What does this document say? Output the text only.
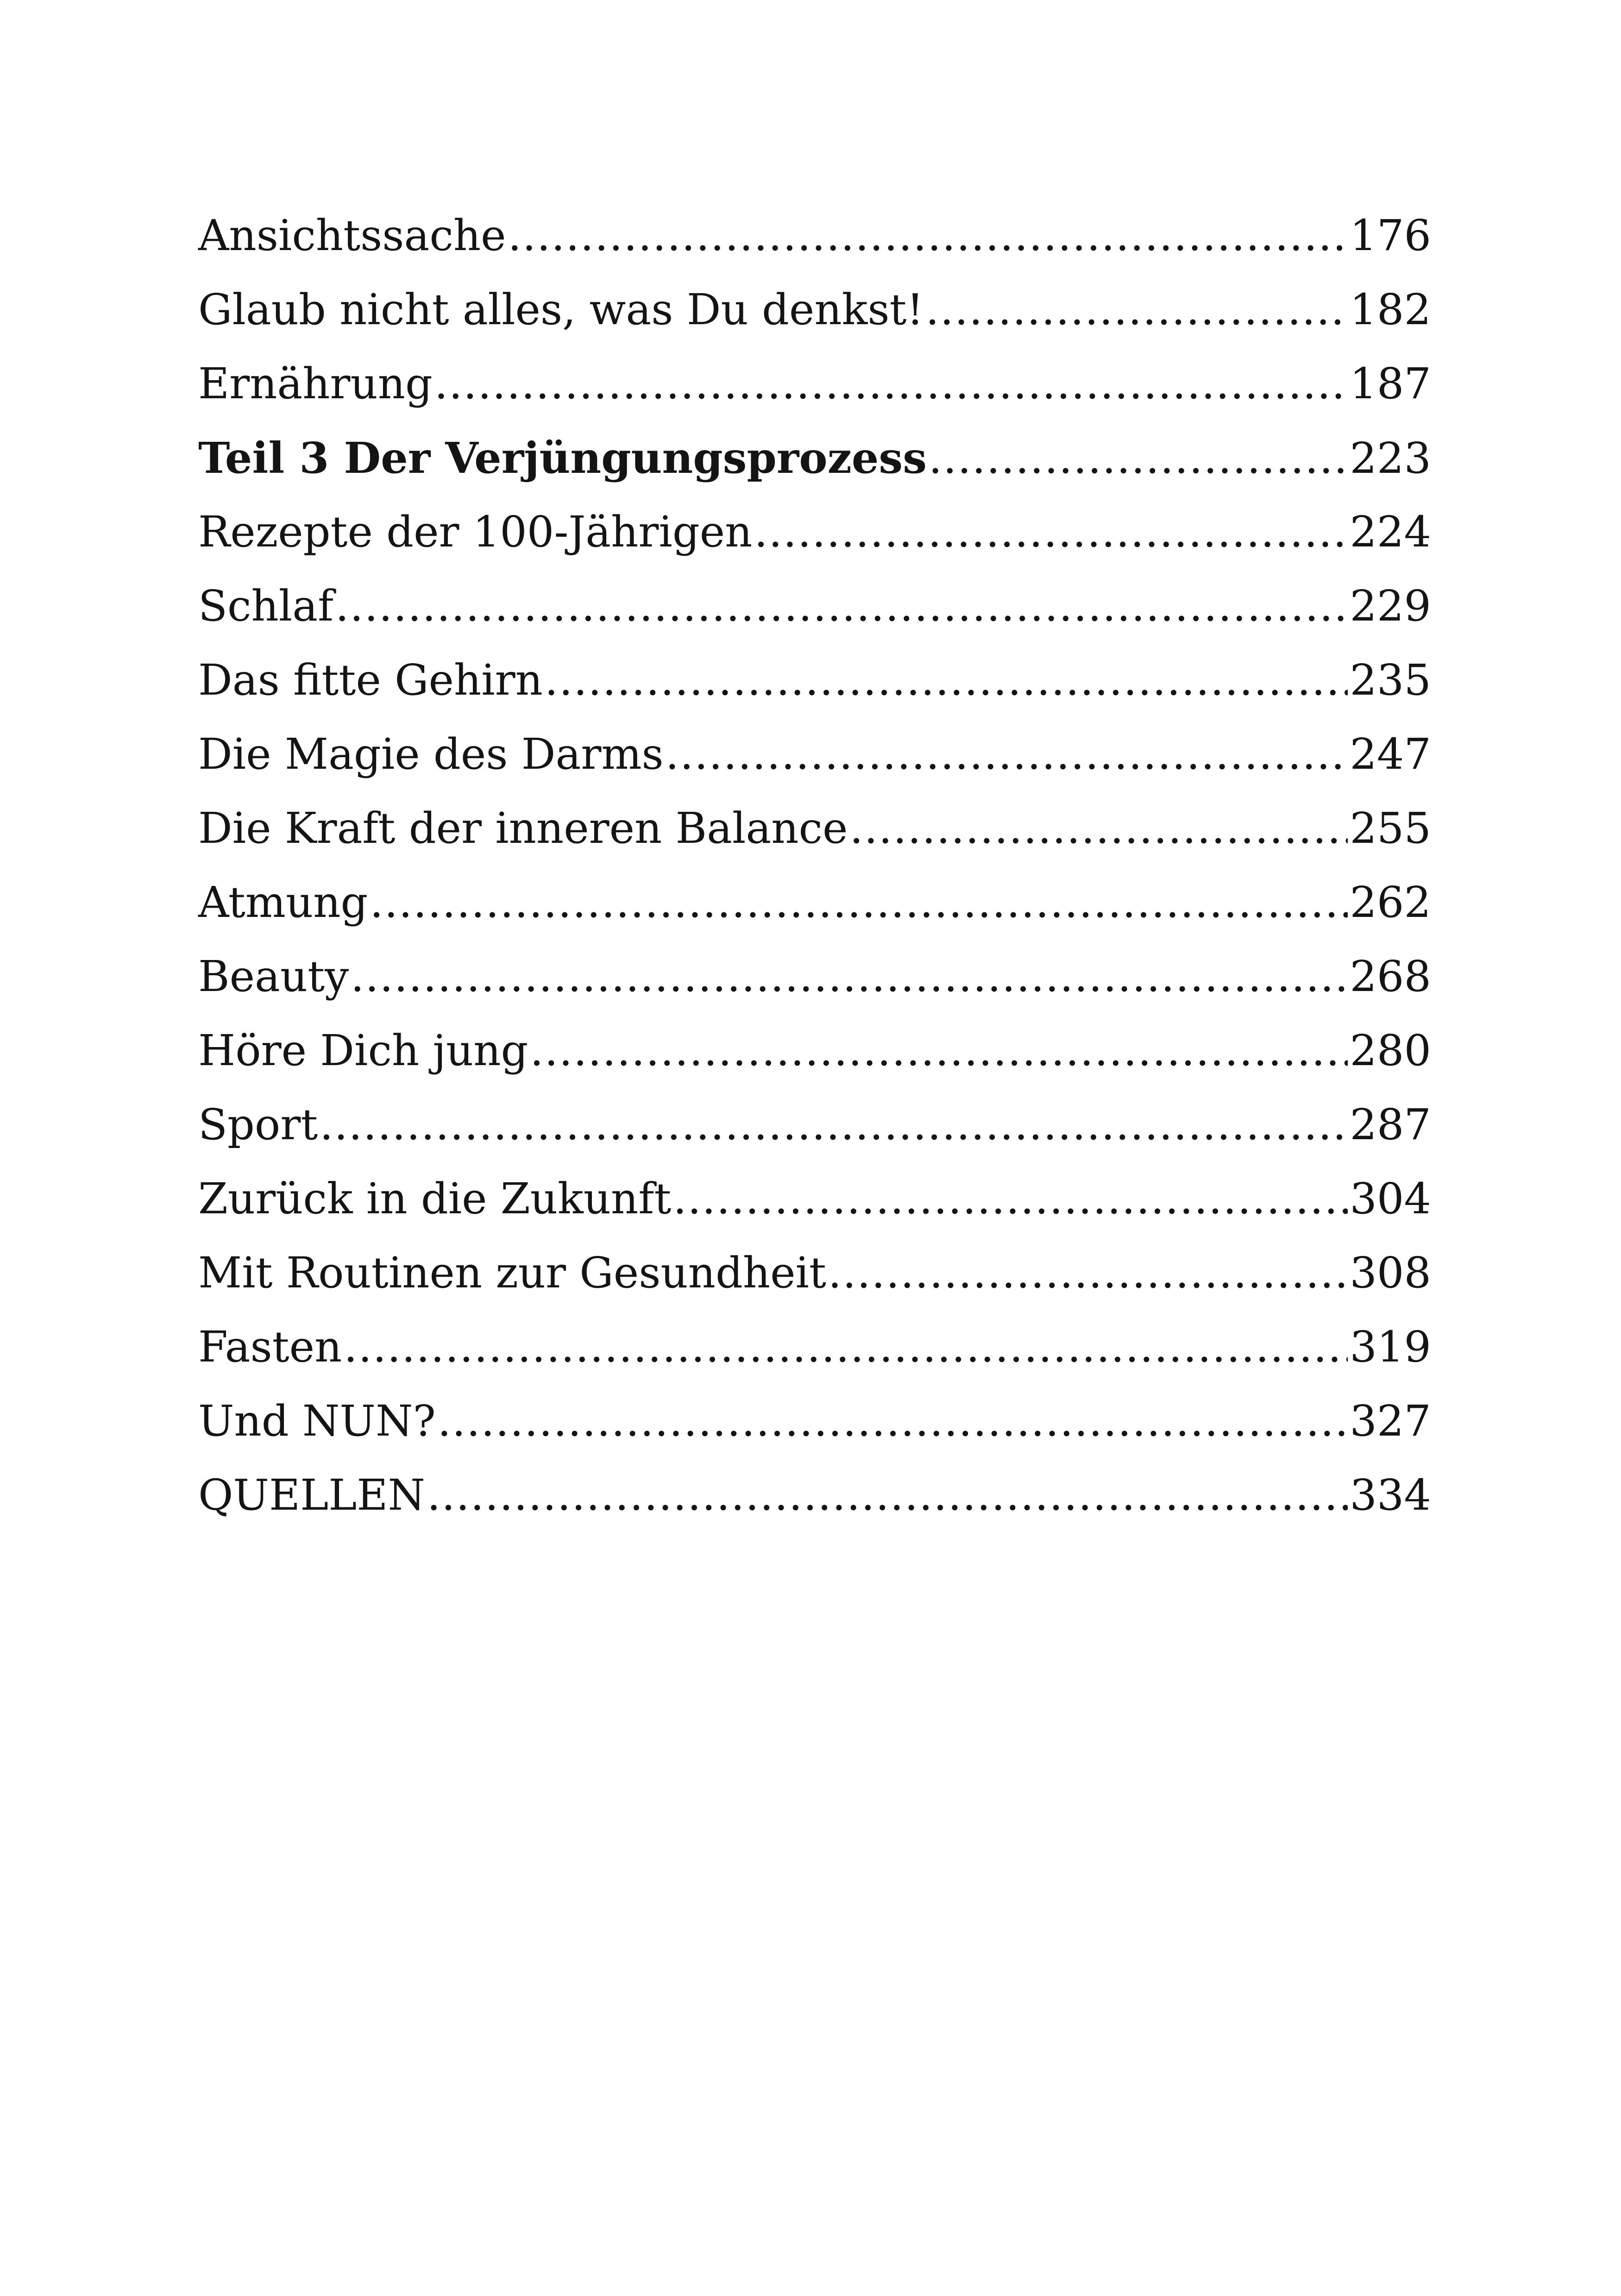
Ansichtssache .....	176
Glaub nicht alles, was Du denkst! .....	182
Ernährung .....	187
Teil 3 Der Verjüngungsprozess .....	223
Rezepte der 100-Jährigen .....	224
Schlaf .....	229
Das fitte Gehirn .....	235
Die Magie des Darms .....	247
Die Kraft der inneren Balance .....	255
Atmung .....	262
Beauty .....	268
Höre Dich jung .....	280
Sport .....	287
Zurück in die Zukunft .....	304
Mit Routinen zur Gesundheit .....	308
Fasten .....	319
Und NUN? .....	327
QUELLEN .....	334
